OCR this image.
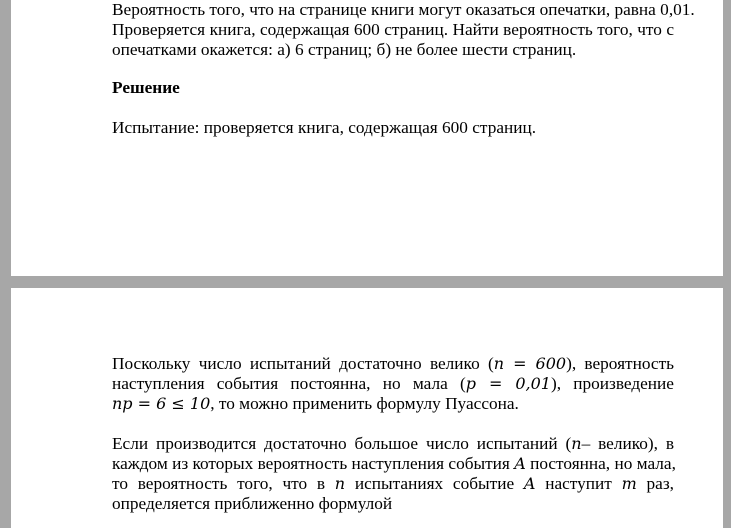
Вероятность того, что на странице книги могут оказаться опечатки, равна 0,01.
Проверяется книга, содержащая 600 страниц. Найти вероятность того, что с
опечатками окажется: а) 6 страниц; б) не более шести страниц.

Решение

Испытание: проверяется книга, содержащая 600 страниц.

Поскольку число испытаний достаточно велико (n = 600), вероятность
наступления события постоянна, но мала (p = 0,01), произведение
np = 6 ≤ 10, то можно применить формулу Пуассона.

Если производится достаточно большое число испытаний (n– велико), в
каждом из которых вероятность наступления события A постоянна, но мала,
то вероятность того, что в n испытаниях событие A наступит m раз,
определяется приближенно формулой
